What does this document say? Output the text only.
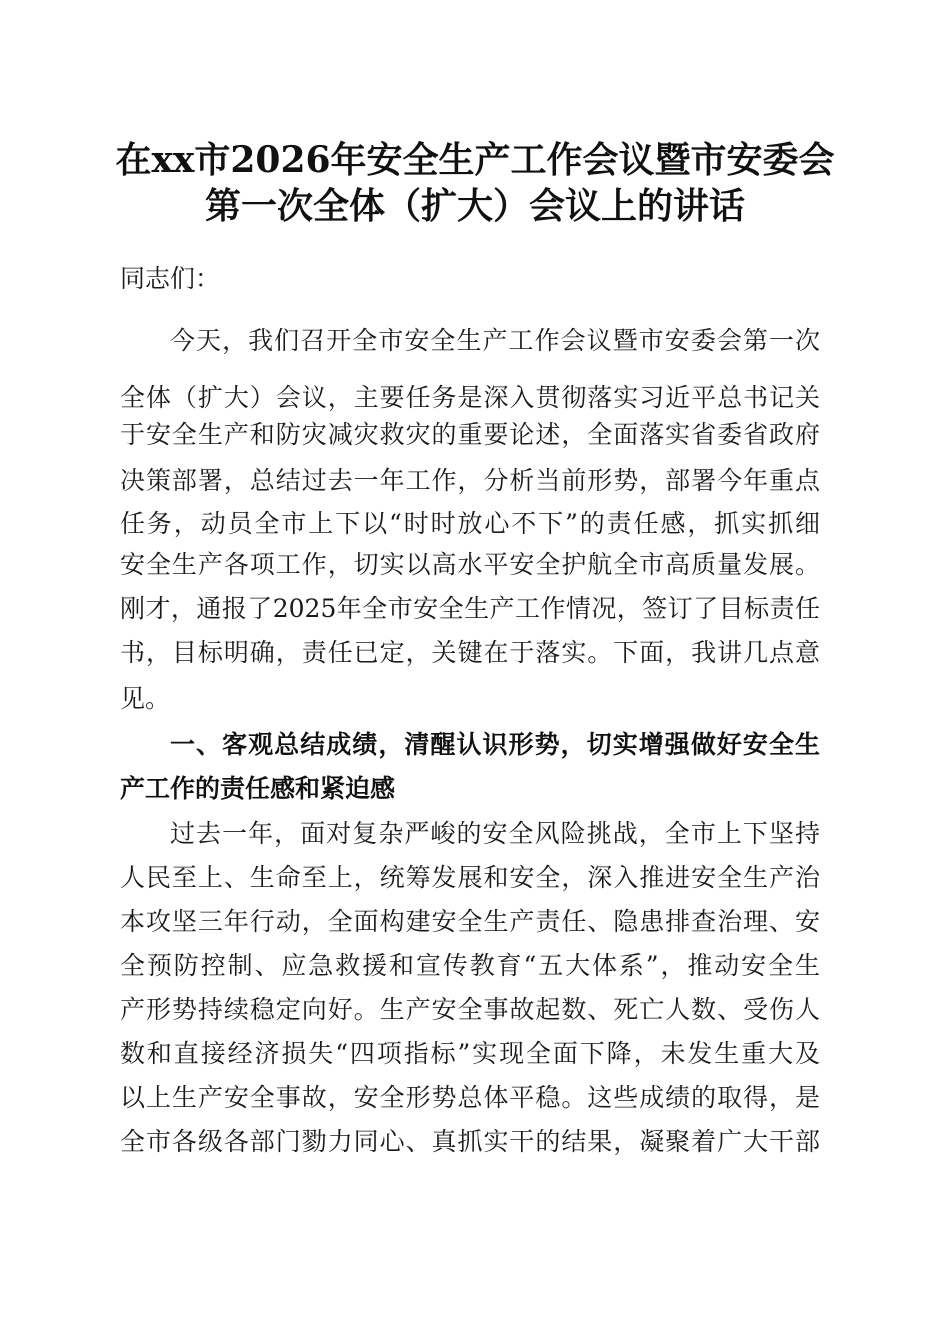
在xx市2026年安全生产工作会议暨市安委会
第一次全体（扩大）会议上的讲话
同志们：
今天，我们召开全市安全生产工作会议暨市安委会第一次
全体（扩大）会议，主要任务是深入贯彻落实习近平总书记关
于安全生产和防灾减灾救灾的重要论述，全面落实省委省政府
决策部署，总结过去一年工作，分析当前形势，部署今年重点
任务，动员全市上下以“时时放心不下”的责任感，抓实抓细
安全生产各项工作，切实以高水平安全护航全市高质量发展。
刚才，通报了2025年全市安全生产工作情况，签订了目标责任
书，目标明确，责任已定，关键在于落实。下面，我讲几点意
见。
一、客观总结成绩，清醒认识形势，切实增强做好安全生
产工作的责任感和紧迫感
过去一年，面对复杂严峻的安全风险挑战，全市上下坚持
人民至上、生命至上，统筹发展和安全，深入推进安全生产治
本攻坚三年行动，全面构建安全生产责任、隐患排查治理、安
全预防控制、应急救援和宣传教育“五大体系”，推动安全生
产形势持续稳定向好。生产安全事故起数、死亡人数、受伤人
数和直接经济损失“四项指标”实现全面下降，未发生重大及
以上生产安全事故，安全形势总体平稳。这些成绩的取得，是
全市各级各部门勠力同心、真抓实干的结果，凝聚着广大干部
